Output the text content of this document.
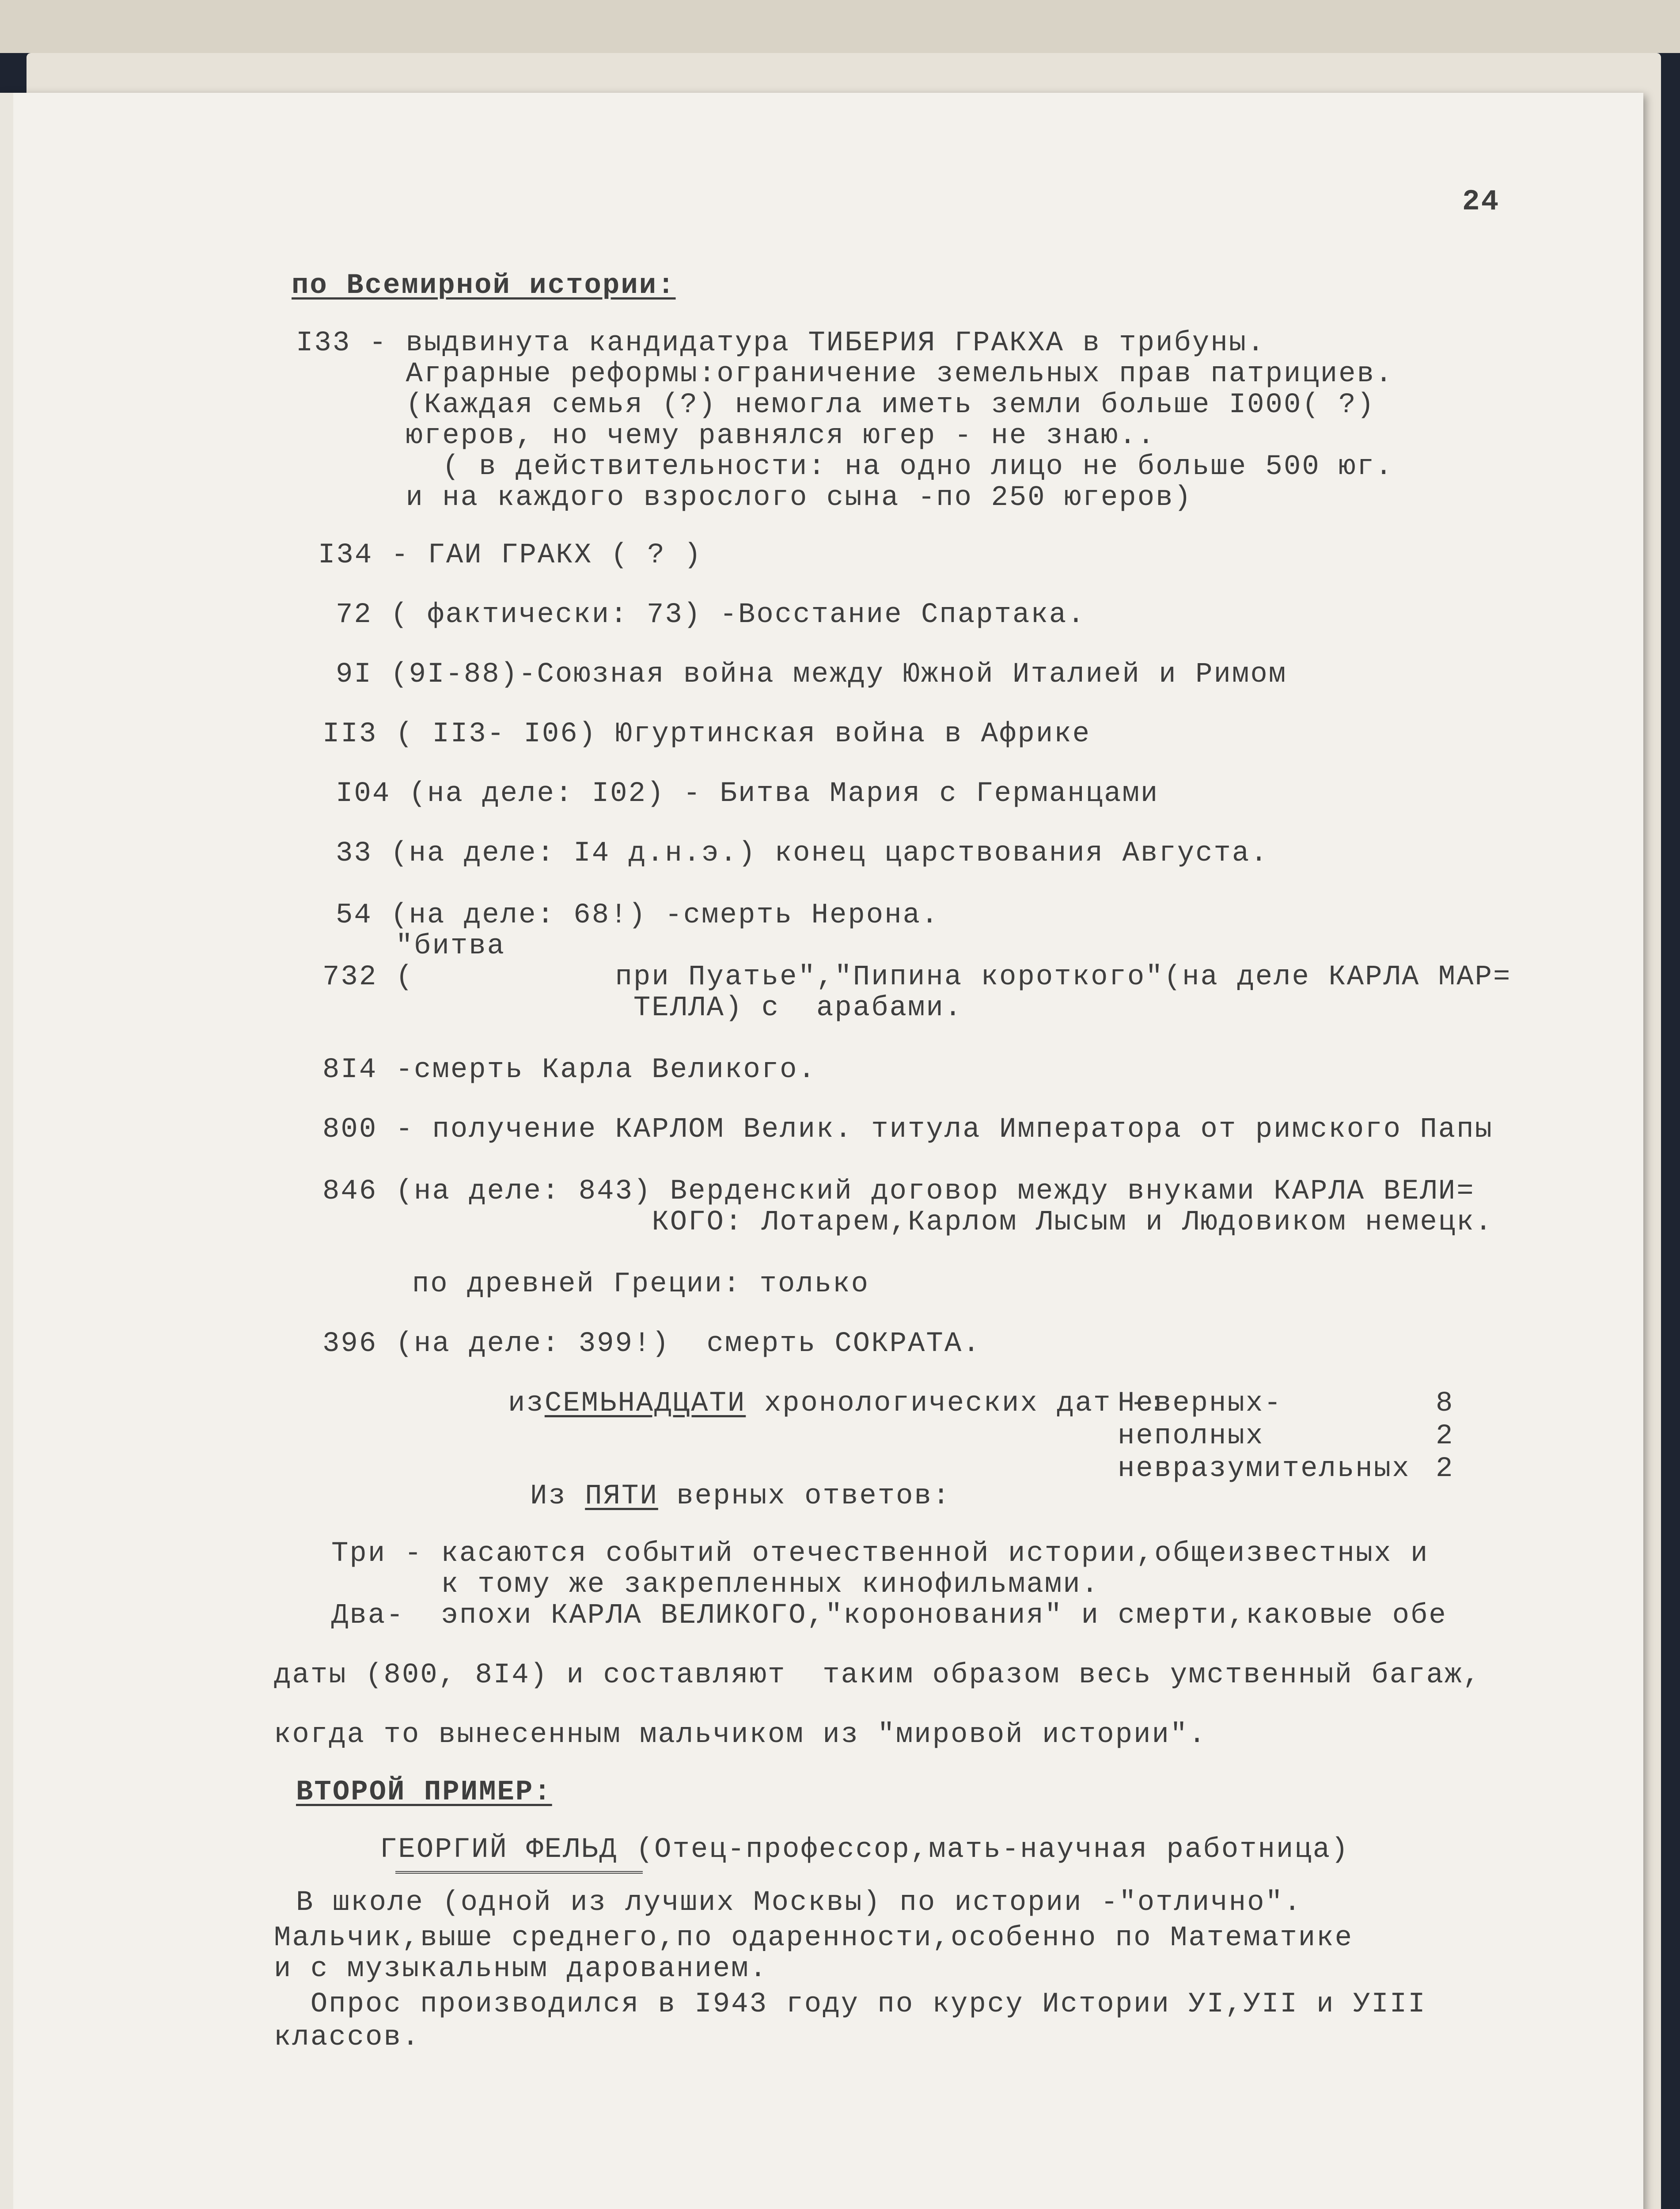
24
по Всемирной истории:
I33 - выдвинута кандидатура ТИБЕРИЯ ГРАКХА в трибуны.
Аграрные реформы:ограничение земельных прав патрициев.
(Каждая семья (?) немогла иметь земли больше I000( ?)
югеров, но чему равнялся югер - не знаю..
( в действительности: на одно лицо не больше 500 юг.
и на каждого взрослого сына -по 250 югеров)
I34 - ГАИ ГРАКХ ( ? )
72 ( фактически: 73) -Восстание Спартака.
9I (9I-88)-Союзная война между Южной Италией и Римом
II3 ( II3- I06) Югуртинская война в Африке
I04 (на деле: I02) - Битва Мария с Германцами
33 (на деле: I4 д.н.э.) конец царствования Августа.
54 (на деле: 68!) -смерть Нерона.
"битва
732 (           при Пуатье","Пипина короткого"(на деле КАРЛА МАР=
ТЕЛЛА) с  арабами.
8I4 -смерть Карла Великого.
800 - получение КАРЛОМ Велик. титула Императора от римского Папы
846 (на деле: 843) Верденский договор между внуками КАРЛА ВЕЛИ=
КОГО: Лотарем,Карлом Лысым и Людовиком немецк.
по древней Греции: только
396 (на деле: 399!)  смерть СОКРАТА.
изСЕМЬНАДЦАТИ хронологических дат -:
Неверных-	8
неполных	2
невразумительных 2
Из ПЯТИ верных ответов:
Три - касаются событий отечественной истории,общеизвестных и
к тому же закрепленных кинофильмами.
Два-  эпохи КАРЛА ВЕЛИКОГО,"коронования" и смерти,каковые обе
даты (800, 8I4) и составляют  таким образом весь умственный багаж,
когда то вынесенным мальчиком из "мировой истории".
ВТОРОЙ ПРИМЕР:
ГЕОРГИЙ ФЕЛЬД (Отец-профессор,мать-научная работница)
В школе (одной из лучших Москвы) по истории -"отлично".
Мальчик,выше среднего,по одаренности,особенно по Математике
и с музыкальным дарованием.
Опрос производился в I943 году по курсу Истории УI,УII и УIII
классов.
